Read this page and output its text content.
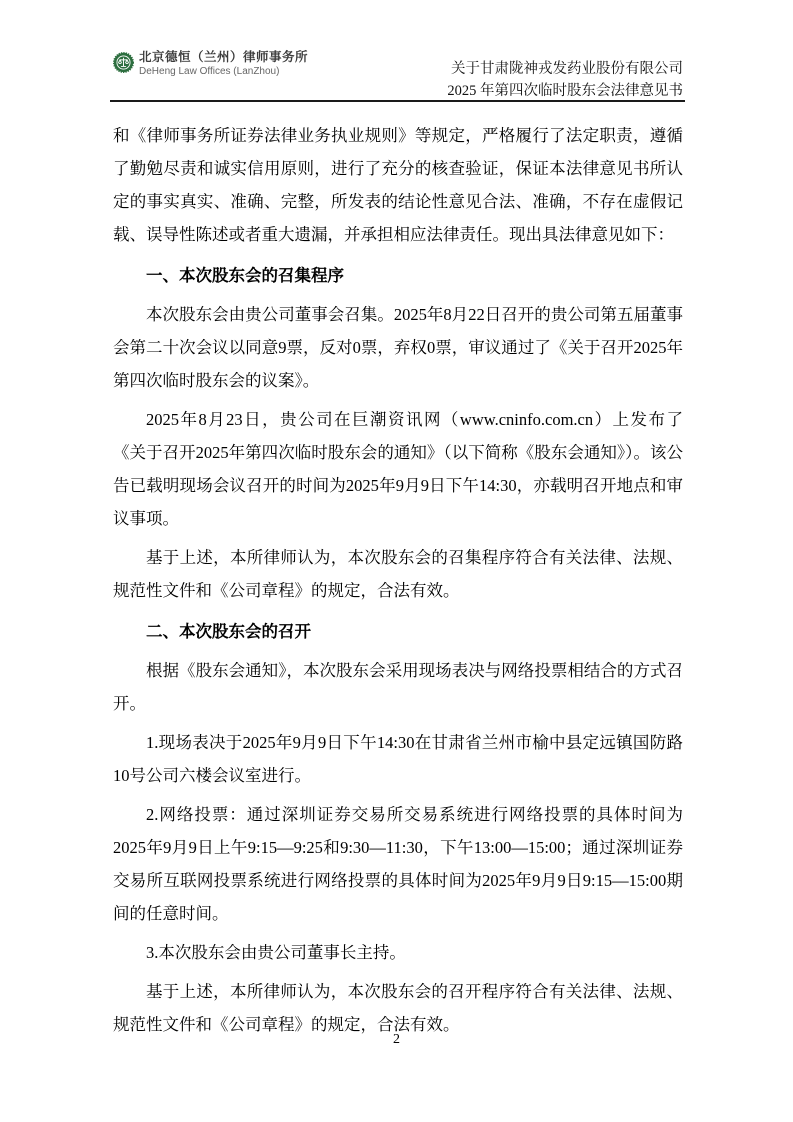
北京德恒（兰州）律师事务所
DeHeng Law Offices (LanZhou)	关于甘肃陇神戎发药业股份有限公司
2025 年第四次临时股东会法律意见书

和《律师事务所证券法律业务执业规则》等规定，严格履行了法定职责，遵循了勤勉尽责和诚实信用原则，进行了充分的核查验证，保证本法律意见书所认定的事实真实、准确、完整，所发表的结论性意见合法、准确，不存在虚假记载、误导性陈述或者重大遗漏，并承担相应法律责任。现出具法律意见如下：

一、本次股东会的召集程序

本次股东会由贵公司董事会召集。2025年8月22日召开的贵公司第五届董事会第二十次会议以同意9票，反对0票，弃权0票，审议通过了《关于召开2025年第四次临时股东会的议案》。

2025年8月23日，贵公司在巨潮资讯网（www.cninfo.com.cn）上发布了《关于召开2025年第四次临时股东会的通知》（以下简称《股东会通知》）。该公告已载明现场会议召开的时间为2025年9月9日下午14:30，亦载明召开地点和审议事项。

基于上述，本所律师认为，本次股东会的召集程序符合有关法律、法规、规范性文件和《公司章程》的规定，合法有效。

二、本次股东会的召开

根据《股东会通知》，本次股东会采用现场表决与网络投票相结合的方式召开。

1.现场表决于2025年9月9日下午14:30在甘肃省兰州市榆中县定远镇国防路10号公司六楼会议室进行。

2.网络投票：通过深圳证券交易所交易系统进行网络投票的具体时间为2025年9月9日上午9:15—9:25和9:30—11:30，下午13:00—15:00；通过深圳证券交易所互联网投票系统进行网络投票的具体时间为2025年9月9日9:15—15:00期间的任意时间。

3.本次股东会由贵公司董事长主持。

基于上述，本所律师认为，本次股东会的召开程序符合有关法律、法规、规范性文件和《公司章程》的规定，合法有效。

2
